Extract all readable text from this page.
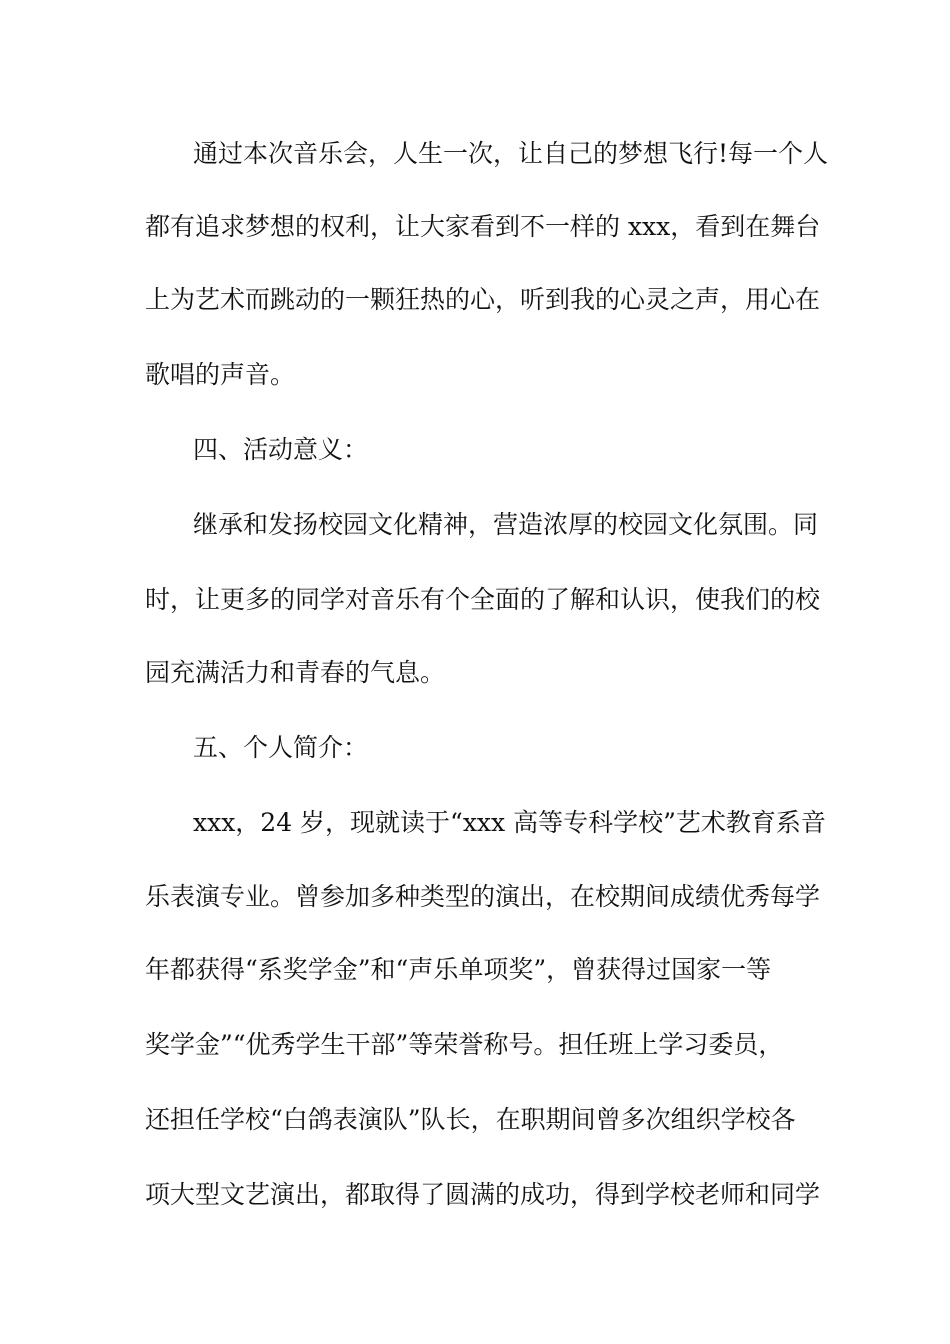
通过本次音乐会，人生一次，让自己的梦想飞行!每一个人
都有追求梦想的权利，让大家看到不一样的 xxx，看到在舞台
上为艺术而跳动的一颗狂热的心，听到我的心灵之声，用心在
歌唱的声音。
四、活动意义：
继承和发扬校园文化精神，营造浓厚的校园文化氛围。同
时，让更多的同学对音乐有个全面的了解和认识，使我们的校
园充满活力和青春的气息。
五、个人简介：
xxx，24 岁，现就读于“xxx 高等专科学校”艺术教育系音
乐表演专业。曾参加多种类型的演出，在校期间成绩优秀每学
年都获得“系奖学金”和“声乐单项奖”，曾获得过国家一等
奖学金”“优秀学生干部”等荣誉称号。担任班上学习委员，
还担任学校“白鸽表演队”队长，在职期间曾多次组织学校各
项大型文艺演出，都取得了圆满的成功，得到学校老师和同学
